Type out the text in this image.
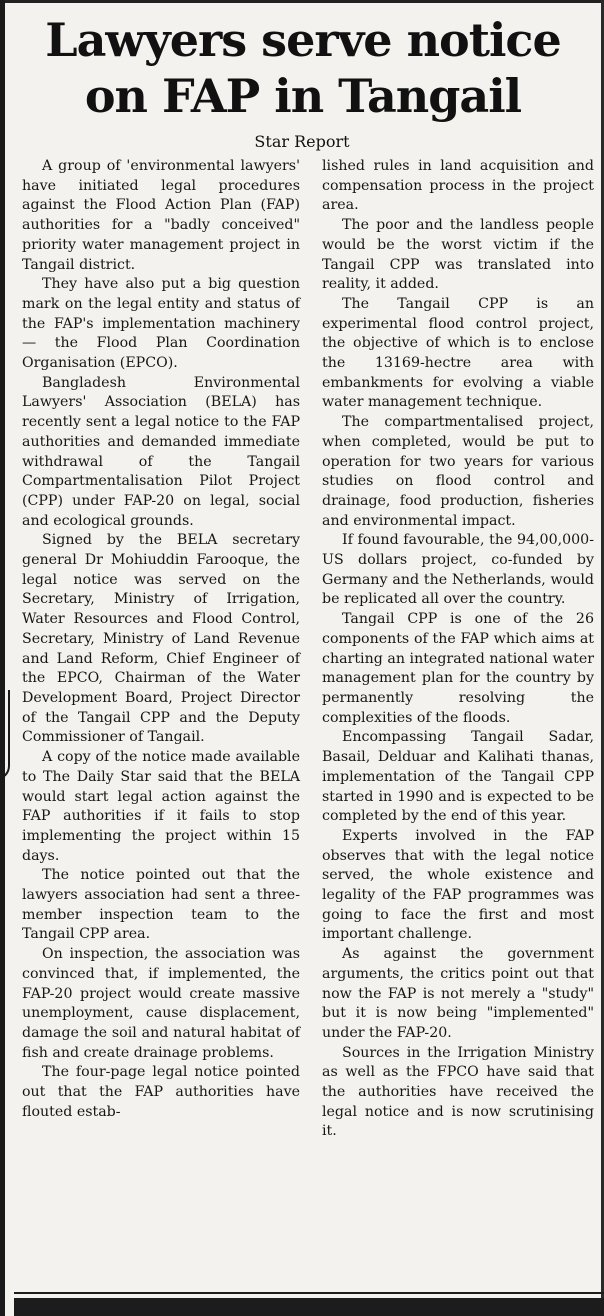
Lawyers serve notice
on FAP in Tangail
Star Report

A group of 'environmental lawyers' have initiated legal procedures against the Flood Action Plan (FAP) authorities for a "badly conceived" priority water management project in Tangail district.

They have also put a big question mark on the legal entity and status of the FAP's implementation machinery — the Flood Plan Coordination Organisation (EPCO).

Bangladesh Environmental Lawyers' Association (BELA) has recently sent a legal notice to the FAP authorities and demanded immediate withdrawal of the Tangail Compartmentalisation Pilot Project (CPP) under FAP-20 on legal, social and ecological grounds.

Signed by the BELA secretary general Dr Mohiuddin Farooque, the legal notice was served on the Secretary, Ministry of Irrigation, Water Resources and Flood Control, Secretary, Ministry of Land Revenue and Land Reform, Chief Engineer of the EPCO, Chairman of the Water Development Board, Project Director of the Tangail CPP and the Deputy Commissioner of Tangail.

A copy of the notice made available to The Daily Star said that the BELA would start legal action against the FAP authorities if it fails to stop implementing the project within 15 days.

The notice pointed out that the lawyers association had sent a three-member inspection team to the Tangail CPP area.

On inspection, the association was convinced that, if implemented, the FAP-20 project would create massive unemployment, cause displacement, damage the soil and natural habitat of fish and create drainage problems.

The four-page legal notice pointed out that the FAP authorities have flouted estab-

lished rules in land acquisition and compensation process in the project area.

The poor and the landless people would be the worst victim if the Tangail CPP was translated into reality, it added.

The Tangail CPP is an experimental flood control project, the objective of which is to enclose the 13169-hectre area with embankments for evolving a viable water management technique.

The compartmentalised project, when completed, would be put to operation for two years for various studies on flood control and drainage, food production, fisheries and environmental impact.

If found favourable, the 94,00,000-US dollars project, co-funded by Germany and the Netherlands, would be replicated all over the country.

Tangail CPP is one of the 26 components of the FAP which aims at charting an integrated national water management plan for the country by permanently resolving the complexities of the floods.

Encompassing Tangail Sadar, Basail, Delduar and Kalihati thanas, implementation of the Tangail CPP started in 1990 and is expected to be completed by the end of this year.

Experts involved in the FAP observes that with the legal notice served, the whole existence and legality of the FAP programmes was going to face the first and most important challenge.

As against the government arguments, the critics point out that now the FAP is not merely a "study" but it is now being "implemented" under the FAP-20.

Sources in the Irrigation Ministry as well as the FPCO have said that the authorities have received the legal notice and is now scrutinising it.
